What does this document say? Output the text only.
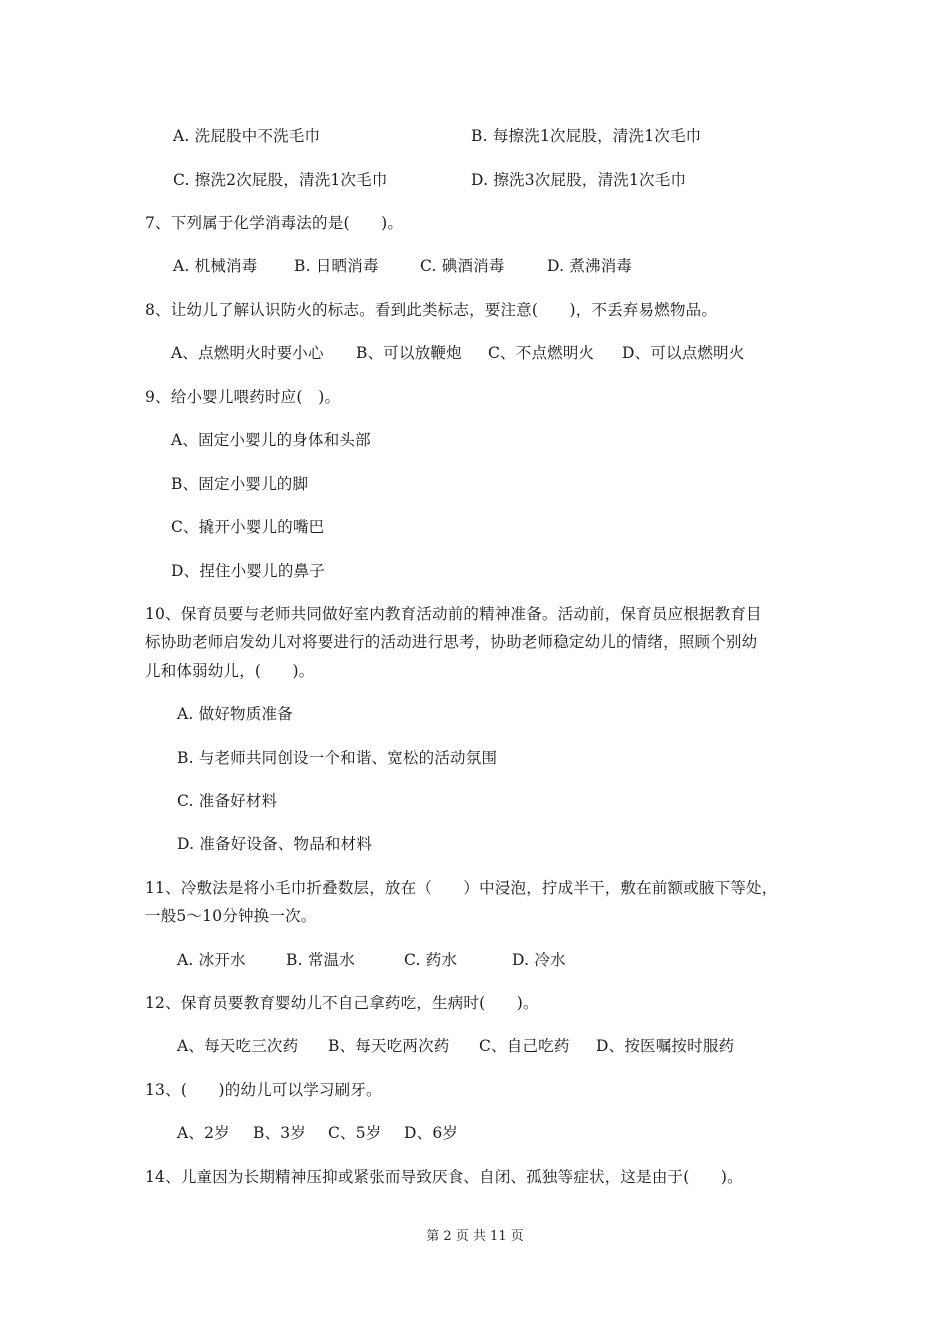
A. 洗屁股中不洗毛巾	B. 每擦洗1次屁股，清洗1次毛巾
C. 擦洗2次屁股，清洗1次毛巾	D. 擦洗3次屁股，清洗1次毛巾
7、下列属于化学消毒法的是(　　)。
A. 机械消毒 B. 日晒消毒	C. 碘酒消毒	D. 煮沸消毒
8、让幼儿了解认识防火的标志。看到此类标志，要注意(　　)，不丢弃易燃物品。
A、点燃明火时要小心 B、可以放鞭炮 C、不点燃明火 D、可以点燃明火
9、给小婴儿喂药时应(　)。
A、固定小婴儿的身体和头部
B、固定小婴儿的脚
C、撬开小婴儿的嘴巴
D、捏住小婴儿的鼻子
10、保育员要与老师共同做好室内教育活动前的精神准备。活动前，保育员应根据教育目
标协助老师启发幼儿对将要进行的活动进行思考，协助老师稳定幼儿的情绪，照顾个别幼
儿和体弱幼儿，(　　)。
A. 做好物质准备
B. 与老师共同创设一个和谐、宽松的活动氛围
C. 准备好材料
D. 准备好设备、物品和材料
11、冷敷法是将小毛巾折叠数层，放在（　　）中浸泡，拧成半干，敷在前额或腋下等处，
一般5～10分钟换一次。
A. 冰开水	B. 常温水	C. 药水	D. 冷水
12、保育员要教育婴幼儿不自己拿药吃，生病时(　　)。
A、每天吃三次药 B、每天吃两次药 C、自己吃药 D、按医嘱按时服药
13、(　　)的幼儿可以学习刷牙。
A、2岁 B、3岁 C、5岁 D、6岁
14、儿童因为长期精神压抑或紧张而导致厌食、自闭、孤独等症状，这是由于(　　)。
第 2 页 共 11 页
